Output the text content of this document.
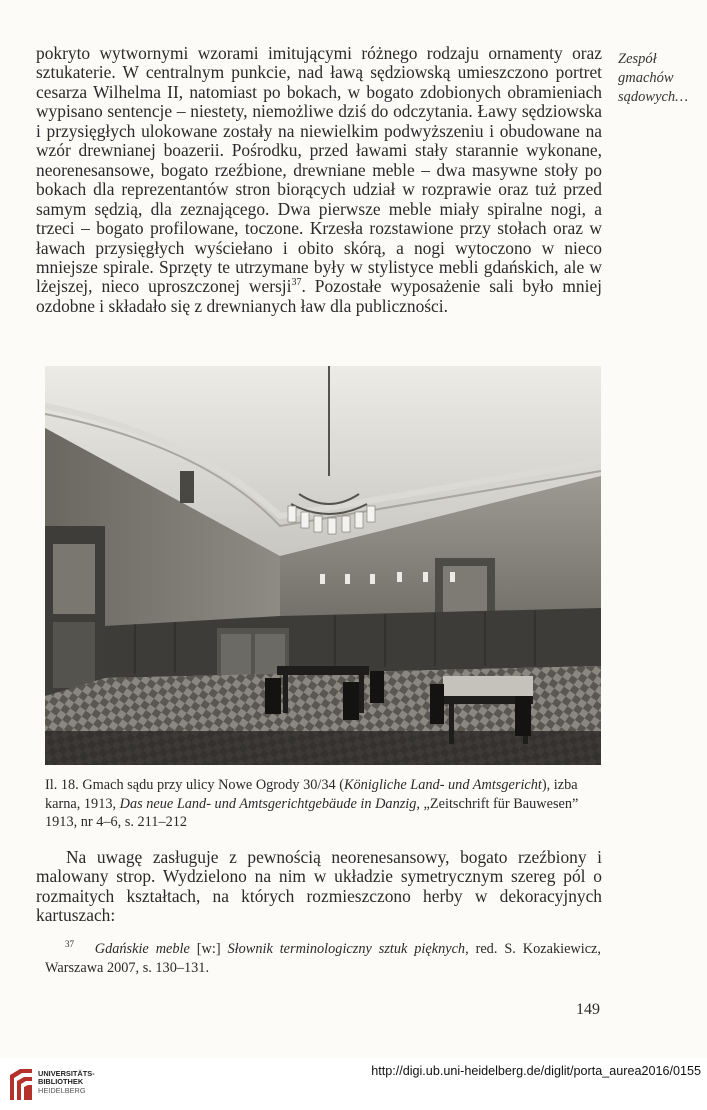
pokryto wytwornymi wzorami imitującymi różnego rodzaju ornamenty oraz sztukaterie. W centralnym punkcie, nad ławą sędziowską umieszczono portret cesarza Wilhelma II, natomiast po bokach, w bogato zdobionych obramieniach wypisano sentencje – niestety, niemożliwe dziś do odczytania. Ławy sędziowska i przysięgłych ulokowane zostały na niewielkim podwyższeniu i obudowane na wzór drewnianej boazerii. Pośrodku, przed ławami stały starannie wykonane, neorenesansowe, bogato rzeźbione, drewniane meble – dwa masywne stoły po bokach dla reprezentantów stron biorących udział w rozprawie oraz tuż przed samym sędzią, dla zeznającego. Dwa pierwsze meble miały spiralne nogi, a trzeci – bogato profilowane, toczone. Krzesła rozstawione przy stołach oraz w ławach przysięgłych wyściełano i obito skórą, a nogi wytoczono w nieco mniejsze spirale. Sprzęty te utrzymane były w stylistyce mebli gdańskich, ale w lżejszej, nieco uproszczonej wersji$^{37}$. Pozostałe wyposażenie sali było mniej ozdobne i składało się z drewnianych ław dla publiczności.

Zespół
gmachów
sądowych…

Il. 18. Gmach sądu przy ulicy Nowe Ogrody 30/34 (Königliche Land- und Amtsgericht), izba karna, 1913, Das neue Land- und Amtsgerichtgebäude in Danzig, „Zeitschrift für Bauwesen” 1913, nr 4–6, s. 211–212

Na uwagę zasługuje z pewnością neorenesansowy, bogato rzeźbiony i malowany strop. Wydzielono na nim w układzie symetrycznym szereg pól o rozmaitych kształtach, na których rozmieszczono herby w dekoracyjnych kartuszach:

$^{37}$ Gdańskie meble [w:] Słownik terminologiczny sztuk pięknych, red. S. Kozakiewicz, Warszawa 2007, s. 130–131.

149
UNIVERSITÄTS-
BIBLIOTHEK
HEIDELBERG
http://digi.ub.uni-heidelberg.de/diglit/porta_aurea2016/0155
